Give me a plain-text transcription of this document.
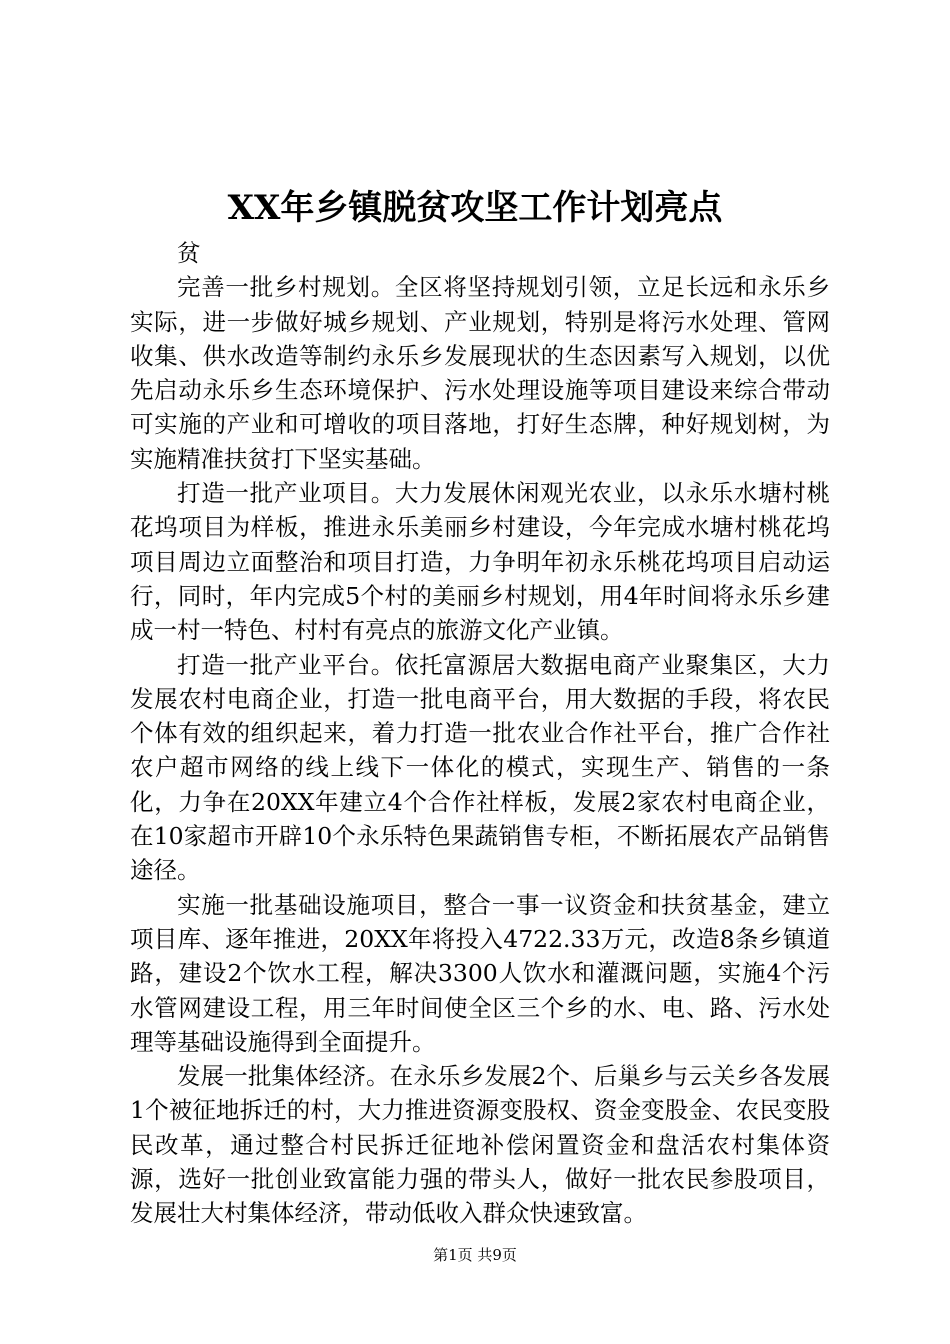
XX年乡镇脱贫攻坚工作计划亮点

贫

完善一批乡村规划。全区将坚持规划引领，立足长远和永乐乡实际，进一步做好城乡规划、产业规划，特别是将污水处理、管网收集、供水改造等制约永乐乡发展现状的生态因素写入规划，以优先启动永乐乡生态环境保护、污水处理设施等项目建设来综合带动可实施的产业和可增收的项目落地，打好生态牌，种好规划树，为实施精准扶贫打下坚实基础。

打造一批产业项目。大力发展休闲观光农业，以永乐水塘村桃花坞项目为样板，推进永乐美丽乡村建设，今年完成水塘村桃花坞项目周边立面整治和项目打造，力争明年初永乐桃花坞项目启动运行，同时，年内完成5个村的美丽乡村规划，用4年时间将永乐乡建成一村一特色、村村有亮点的旅游文化产业镇。

打造一批产业平台。依托富源居大数据电商产业聚集区，大力发展农村电商企业，打造一批电商平台，用大数据的手段，将农民个体有效的组织起来，着力打造一批农业合作社平台，推广合作社农户超市网络的线上线下一体化的模式，实现生产、销售的一条化，力争在20XX年建立4个合作社样板，发展2家农村电商企业，在10家超市开辟10个永乐特色果蔬销售专柜，不断拓展农产品销售途径。

实施一批基础设施项目，整合一事一议资金和扶贫基金，建立项目库、逐年推进，20XX年将投入4722.33万元，改造8条乡镇道路，建设2个饮水工程，解决3300人饮水和灌溉问题，实施4个污水管网建设工程，用三年时间使全区三个乡的水、电、路、污水处理等基础设施得到全面提升。

发展一批集体经济。在永乐乡发展2个、后巢乡与云关乡各发展1个被征地拆迁的村，大力推进资源变股权、资金变股金、农民变股民改革，通过整合村民拆迁征地补偿闲置资金和盘活农村集体资源，选好一批创业致富能力强的带头人，做好一批农民参股项目，发展壮大村集体经济，带动低收入群众快速致富。

第1页 共9页
